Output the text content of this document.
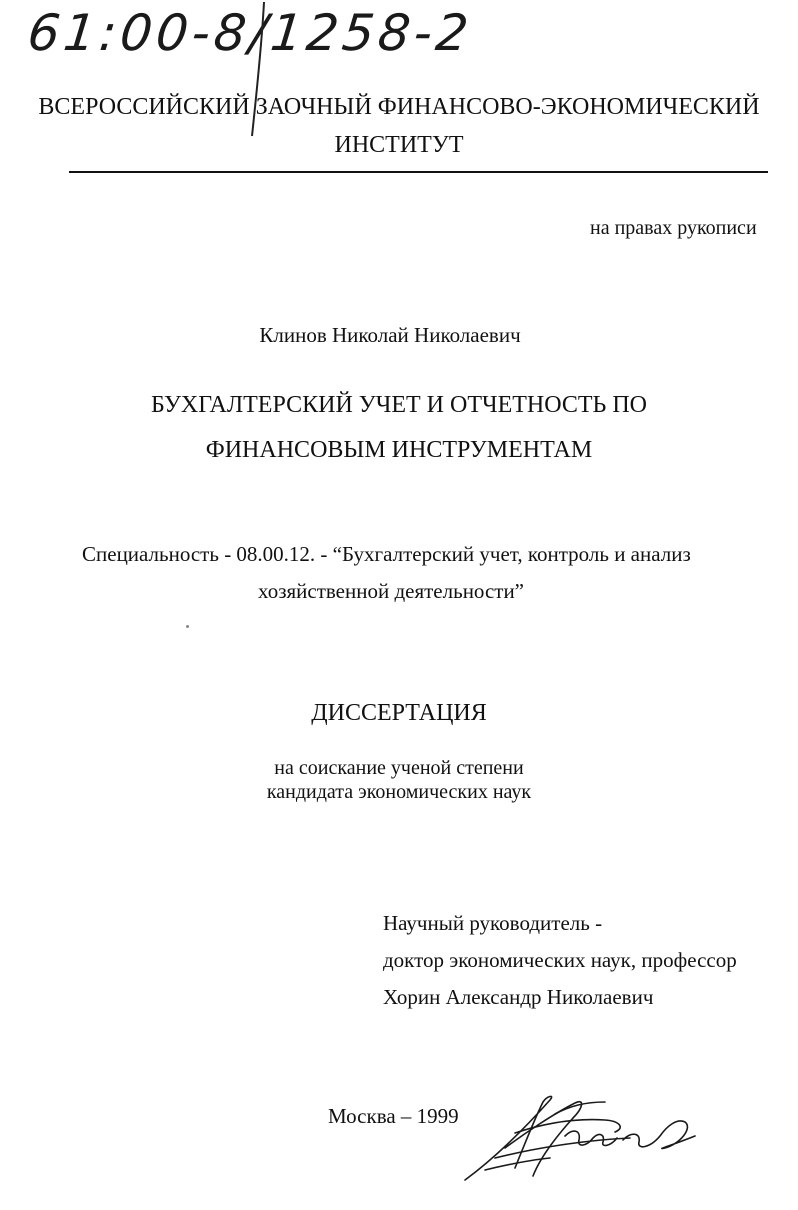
61:00-8/1258-2
ВСЕРОССИЙСКИЙ ЗАОЧНЫЙ ФИНАНСОВО-ЭКОНОМИЧЕСКИЙ
ИНСТИТУТ
на правах рукописи
Клинов Николай Николаевич
БУХГАЛТЕРСКИЙ УЧЕТ И ОТЧЕТНОСТЬ ПО
ФИНАНСОВЫМ ИНСТРУМЕНТАМ
Специальность - 08.00.12. - “Бухгалтерский учет, контроль и анализ
хозяйственной деятельности”
ДИССЕРТАЦИЯ
на соискание ученой степени
кандидата экономических наук
Научный руководитель -
доктор экономических наук, профессор
Хорин Александр Николаевич
Москва – 1999
